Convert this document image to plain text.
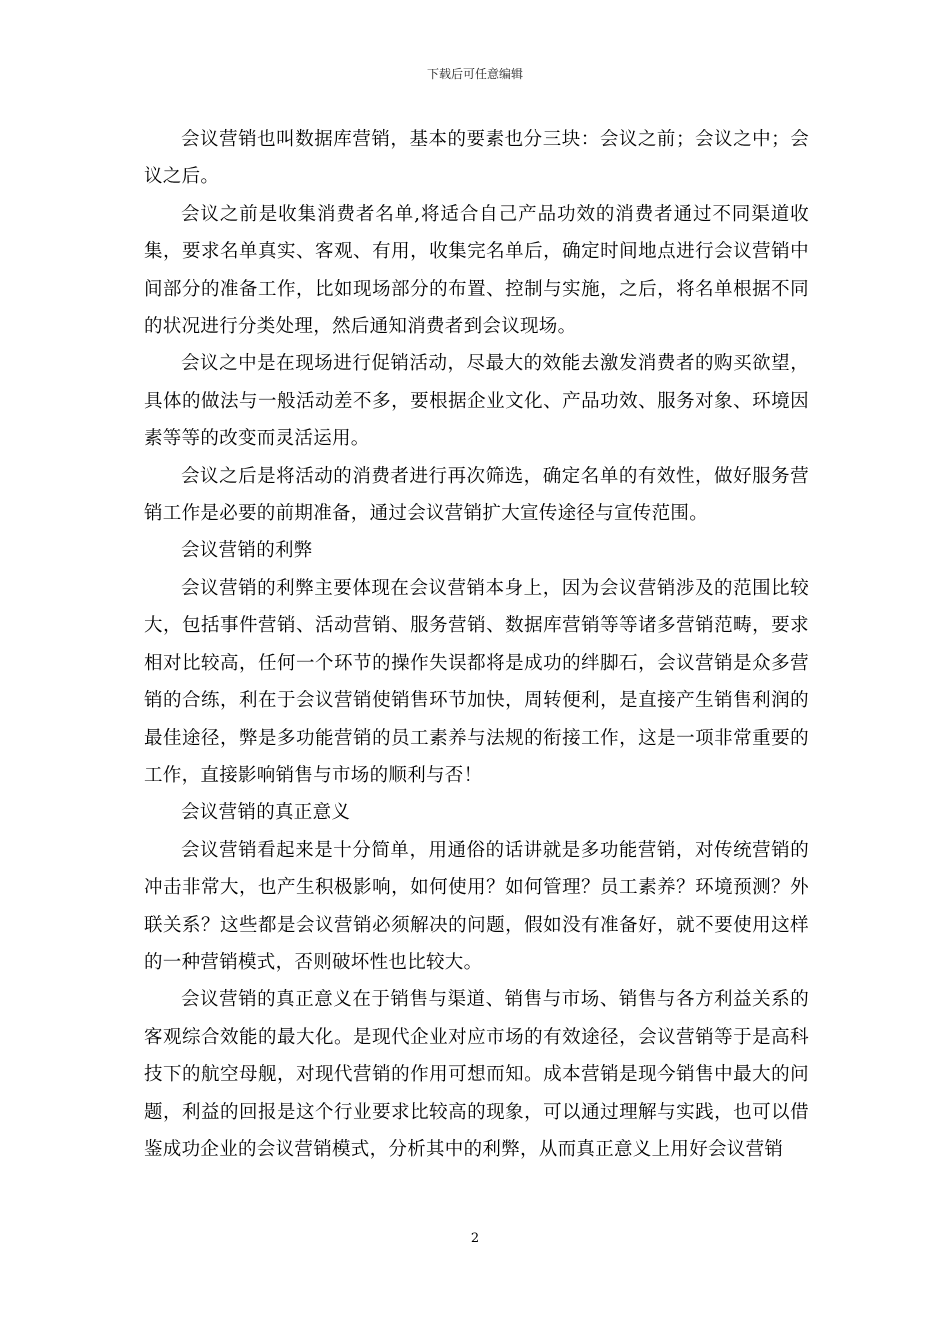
下载后可任意编辑

会议营销也叫数据库营销，基本的要素也分三块：会议之前；会议之中；会议之后。

会议之前是收集消费者名单,将适合自己产品功效的消费者通过不同渠道收集，要求名单真实、客观、有用，收集完名单后，确定时间地点进行会议营销中间部分的准备工作，比如现场部分的布置、控制与实施，之后，将名单根据不同的状况进行分类处理，然后通知消费者到会议现场。

会议之中是在现场进行促销活动，尽最大的效能去激发消费者的购买欲望，具体的做法与一般活动差不多，要根据企业文化、产品功效、服务对象、环境因素等等的改变而灵活运用。

会议之后是将活动的消费者进行再次筛选，确定名单的有效性，做好服务营销工作是必要的前期准备，通过会议营销扩大宣传途径与宣传范围。

会议营销的利弊

会议营销的利弊主要体现在会议营销本身上，因为会议营销涉及的范围比较大，包括事件营销、活动营销、服务营销、数据库营销等等诸多营销范畴，要求相对比较高，任何一个环节的操作失误都将是成功的绊脚石，会议营销是众多营销的合练，利在于会议营销使销售环节加快，周转便利，是直接产生销售利润的最佳途径，弊是多功能营销的员工素养与法规的衔接工作，这是一项非常重要的工作，直接影响销售与市场的顺利与否！

会议营销的真正意义

会议营销看起来是十分简单，用通俗的话讲就是多功能营销，对传统营销的冲击非常大，也产生积极影响，如何使用？如何管理？员工素养？环境预测？外联关系？这些都是会议营销必须解决的问题，假如没有准备好，就不要使用这样的一种营销模式，否则破坏性也比较大。

会议营销的真正意义在于销售与渠道、销售与市场、销售与各方利益关系的客观综合效能的最大化。是现代企业对应市场的有效途径，会议营销等于是高科技下的航空母舰，对现代营销的作用可想而知。成本营销是现今销售中最大的问题，利益的回报是这个行业要求比较高的现象，可以通过理解与实践，也可以借鉴成功企业的会议营销模式，分析其中的利弊，从而真正意义上用好会议营销

2
